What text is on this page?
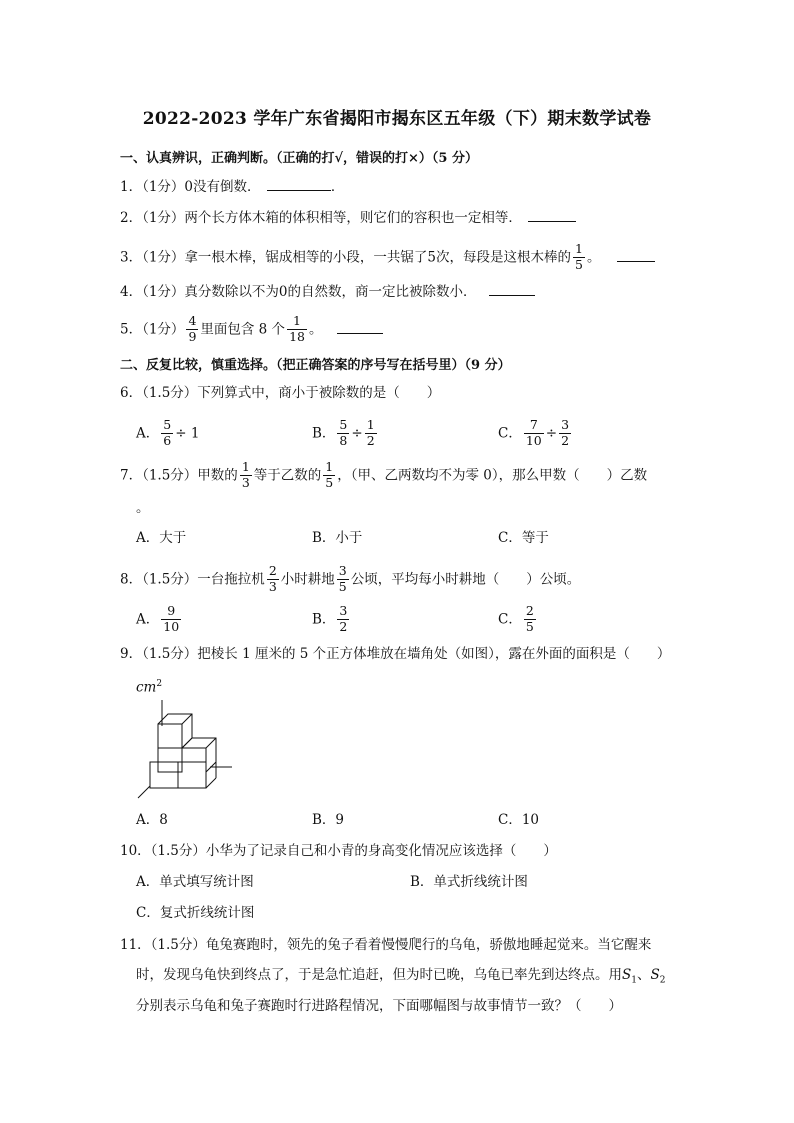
2022-2023 学年广东省揭阳市揭东区五年级（下）期末数学试卷
一、认真辨识，正确判断。（正确的打√，错误的打×）（5 分）
1．（1分）0没有倒数．	．
2．（1分）两个长方体木箱的体积相等，则它们的容积也一定相等．
3．（1分）拿一根木棒，锯成相等的小段，一共锯了5次，每段是这根木棒的 $\frac{1}{5}$ 。
4．（1分）真分数除以不为0的自然数，商一定比被除数小．
5．（1分） $\frac{4}{9}$ 里面包含 8 个 $\frac{1}{18}$ 。
二、反复比较，慎重选择。（把正确答案的序号写在括号里）（9 分）
6．（1.5分）下列算式中，商小于被除数的是（　　）
A． $\frac{5}{6} \div 1$	B． $\frac{5}{8} \div \frac{1}{2}$	C． $\frac{7}{10} \div \frac{3}{2}$
7．（1.5分）甲数的 $\frac{1}{3}$ 等于乙数的 $\frac{1}{5}$ ，（甲、乙两数均不为零 0），那么甲数（　　）乙数
。
A．大于	B．小于	C．等于
8．（1.5分）一台拖拉机 $\frac{2}{3}$ 小时耕地 $\frac{3}{5}$ 公顷，平均每小时耕地（　　）公顷。
A． $\frac{9}{10}$	B． $\frac{3}{2}$	C． $\frac{2}{5}$
9．（1.5分）把棱长 1 厘米的 5 个正方体堆放在墙角处（如图），露在外面的面积是（　　）
$cm^2$
A．8	B．9	C．10
10．（1.5分）小华为了记录自己和小青的身高变化情况应该选择（　　）
A．单式填写统计图	B．单式折线统计图
C．复式折线统计图
11．（1.5分）龟兔赛跑时，领先的兔子看着慢慢爬行的乌龟，骄傲地睡起觉来。当它醒来
时，发现乌龟快到终点了，于是急忙追赶，但为时已晚，乌龟已率先到达终点。用$S_1$、$S_2$
分别表示乌龟和兔子赛跑时行进路程情况，下面哪幅图与故事情节一致？（　　）
